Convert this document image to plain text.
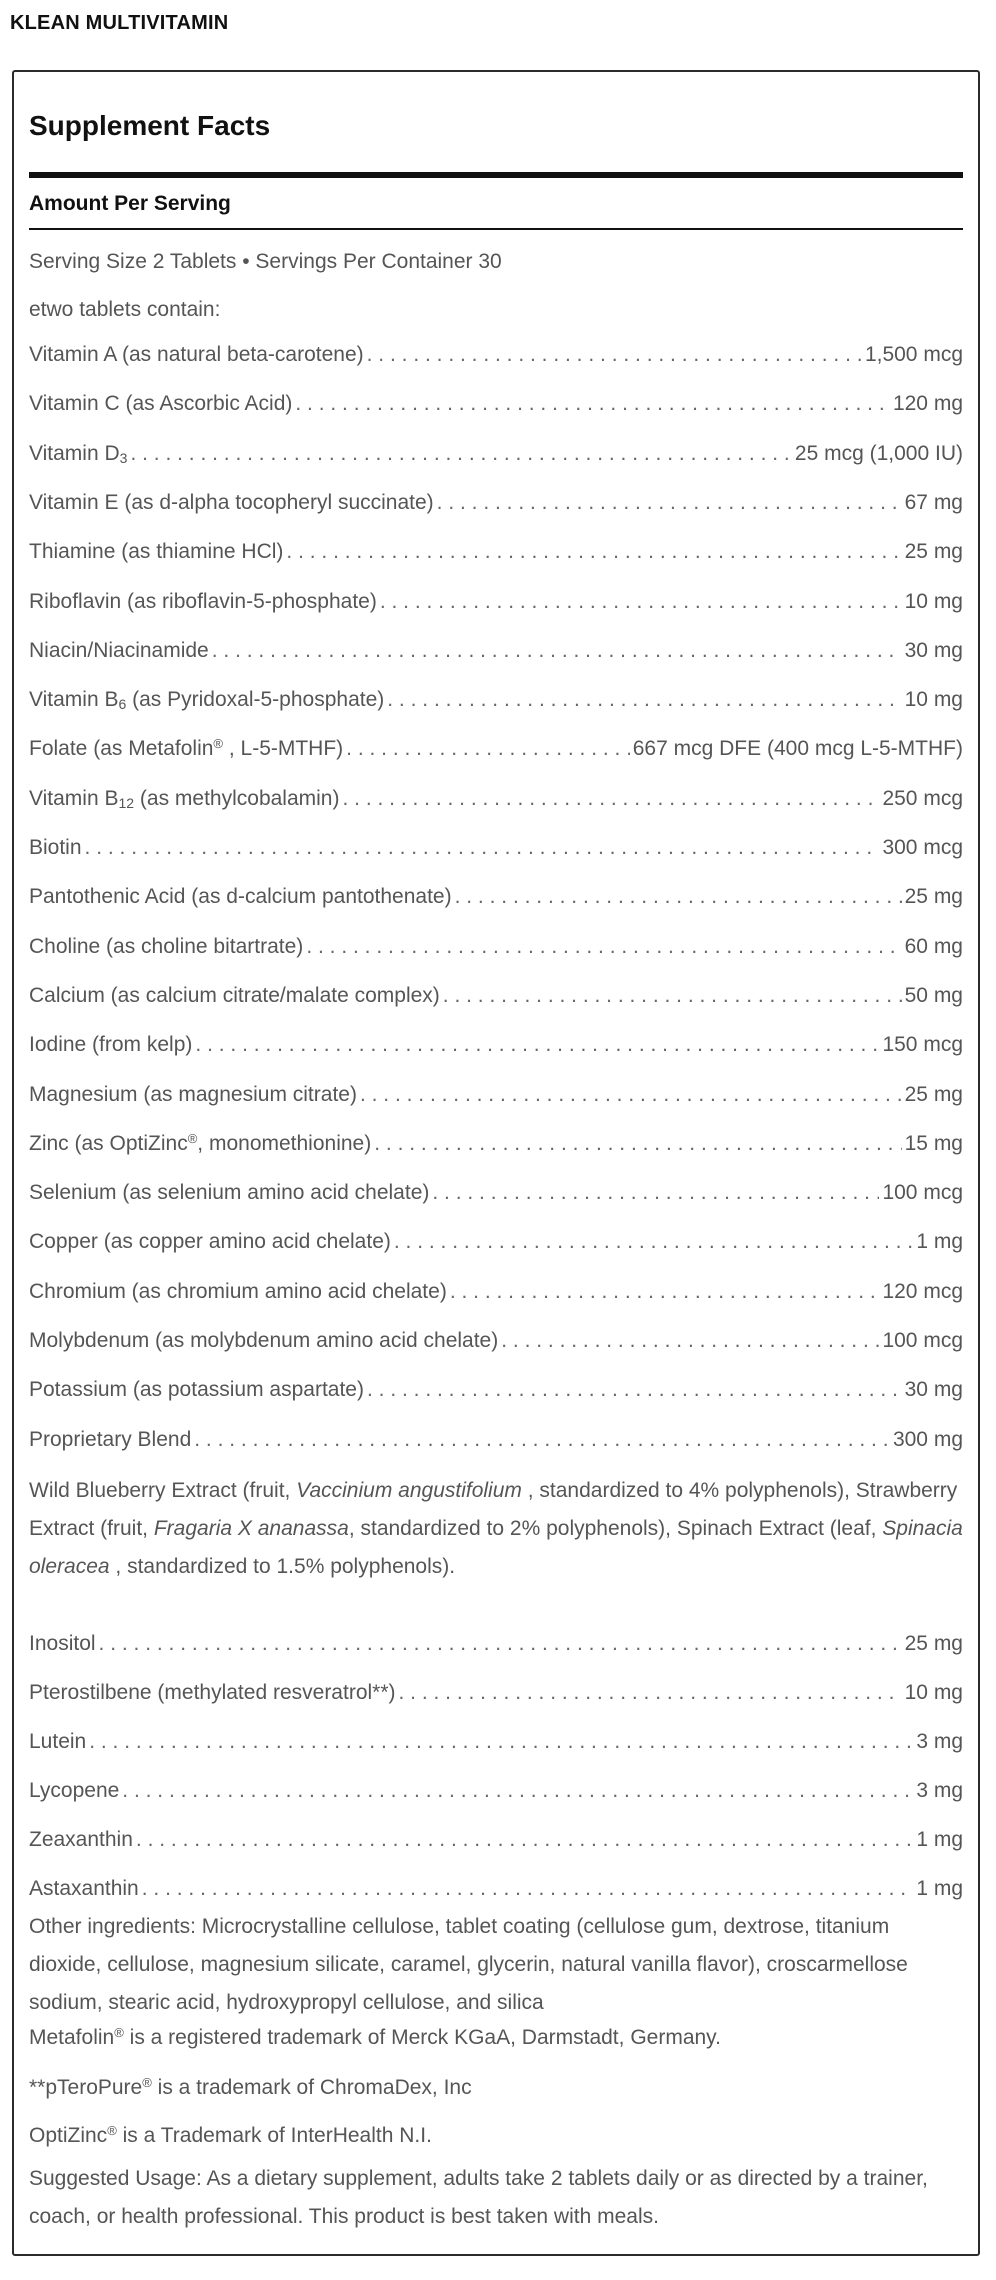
KLEAN MULTIVITAMIN
Supplement Facts
Amount Per Serving
Serving Size 2 Tablets • Servings Per Container 30
etwo tablets contain:
Wild Blueberry Extract (fruit, Vaccinium angustifolium , standardized to 4% polyphenols), Strawberry Extract (fruit, Fragaria X ananassa, standardized to 2% polyphenols), Spinach Extract (leaf, Spinacia oleracea , standardized to 1.5% polyphenols).
Other ingredients: Microcrystalline cellulose, tablet coating (cellulose gum, dextrose, titanium dioxide, cellulose, magnesium silicate, caramel, glycerin, natural vanilla flavor), croscarmellose sodium, stearic acid, hydroxypropyl cellulose, and silica
Suggested Usage: As a dietary supplement, adults take 2 tablets daily or as directed by a trainer, coach, or health professional. This product is best taken with meals.
Vitamin A (as natural beta-carotene) . . .	1,500 mcg
Vitamin C (as Ascorbic Acid) . . .	120 mg
Vitamin $D_3$ . . .	25 mcg (1,000 IU)
Vitamin E (as d-alpha tocopheryl succinate) . . .	67 mg
Thiamine (as thiamine HCl) . . .	25 mg
Riboflavin (as riboflavin-5-phosphate) . . .	10 mg
Niacin/Niacinamide . . .	30 mg
Vitamin $B_6$ (as Pyridoxal-5-phosphate) . . .	10 mg
Folate (as Metafolin® , L-5-MTHF) . . .	667 mcg DFE (400 mcg L-5-MTHF)
Vitamin $B_{12}$ (as methylcobalamin) . . .	250 mcg
Biotin . . .	300 mcg
Pantothenic Acid (as d-calcium pantothenate) . . .	25 mg
Choline (as choline bitartrate) . . .	60 mg
Calcium (as calcium citrate/malate complex) . . .	50 mg
Iodine (from kelp) . . .	150 mcg
Magnesium (as magnesium citrate) . . .	25 mg
Zinc (as OptiZinc®, monomethionine) . . .	15 mg
Selenium (as selenium amino acid chelate) . . .	100 mcg
Copper (as copper amino acid chelate) . . .	1 mg
Chromium (as chromium amino acid chelate) . . .	120 mcg
Molybdenum (as molybdenum amino acid chelate) . . .	100 mcg
Potassium (as potassium aspartate) . . .	30 mg
Proprietary Blend . . .	300 mg
Inositol . . .	25 mg
Pterostilbene (methylated resveratrol**) . . .	10 mg
Lutein . . .	3 mg
Lycopene . . .	3 mg
Zeaxanthin . . .	1 mg
Astaxanthin . . .	1 mg
Metafolin® is a registered trademark of Merck KGaA, Darmstadt, Germany.
**pTeroPure® is a trademark of ChromaDex, Inc
OptiZinc® is a Trademark of InterHealth N.I.
